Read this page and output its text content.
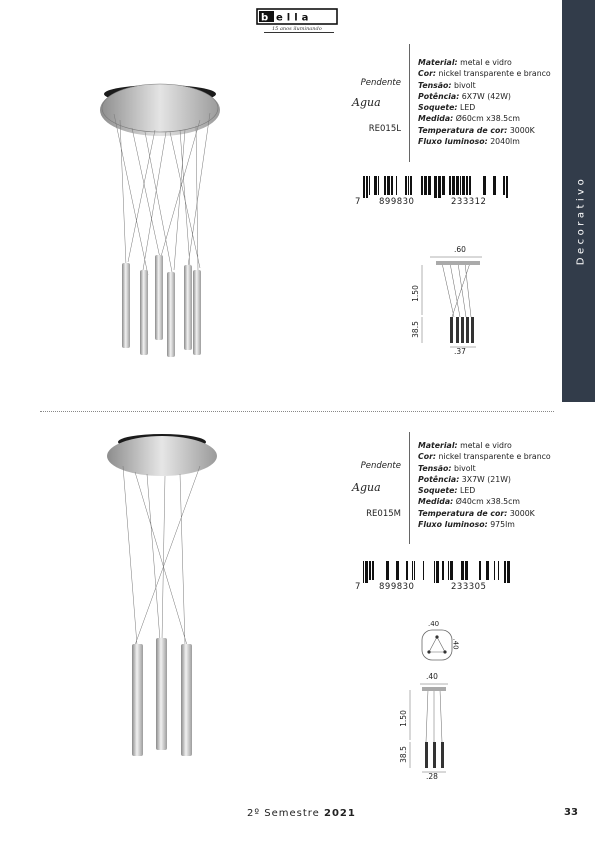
b ella
15 anos iluminando
Decorativo
Pendente
Agua
RE015L
Material: metal e vidro
Cor: nickel transparente e branco
Tensão: bivolt
Potência: 6X7W (42W)
Soquete: LED
Medida: Ø60cm x38.5cm
Temperatura de cor: 3000K
Fluxo luminoso: 2040lm
7 899830	233312
.60
1.50
38.5
.37
Pendente
Agua
RE015M
Material: metal e vidro
Cor: nickel transparente e branco
Tensão: bivolt
Potência: 3X7W (21W)
Soquete: LED
Medida: Ø40cm x38.5cm
Temperatura de cor: 3000K
Fluxo luminoso: 975lm
7 899830	233305
.40
.40
.40
1.50
38.5
.28
2º Semestre 2021	33
